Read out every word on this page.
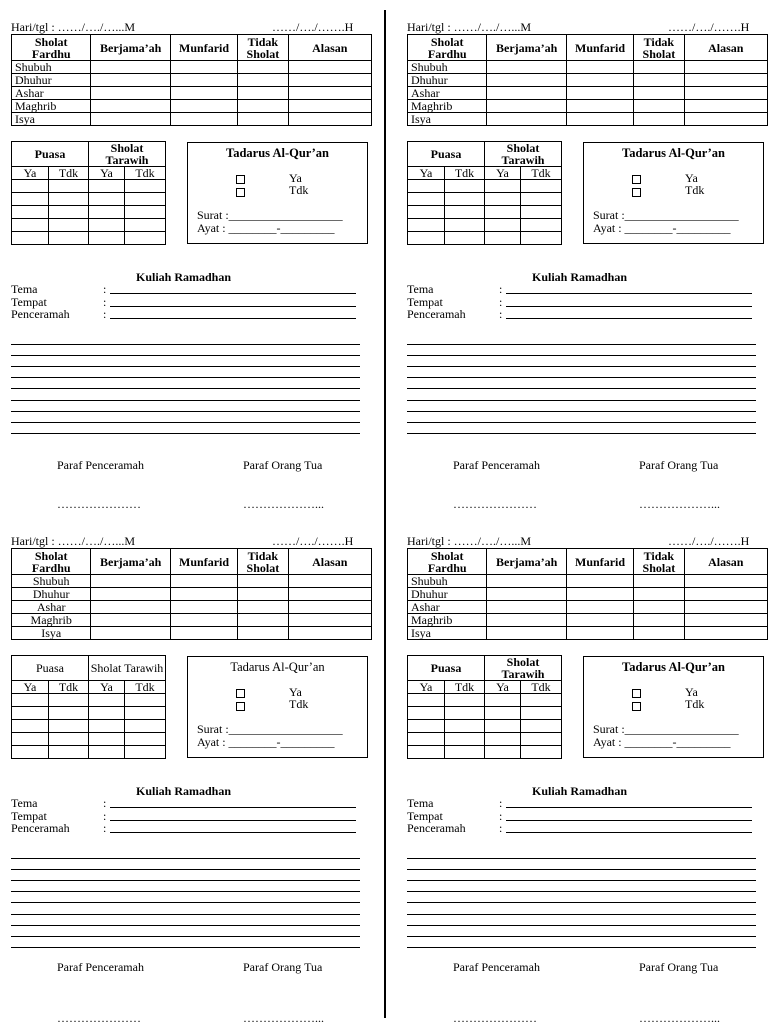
Hari/tgl : ……/…./…...M	……/…./…….H
Sholat Fardhu	Berjama’ah	Munfarid	Tidak Sholat	Alasan
Shubuh				
Dhuhur				
Ashar				
Maghrib				
Isya				
Puasa		Sholat Tarawih	
Ya	Tdk	Ya	Tdk

Tadarus Al-Qur’an
Ya
Tdk
Surat :___________________
Ayat : ________-_________
Kuliah Ramadhan
Tema	:
Tempat	:
Penceramah	:
Paraf Penceramah	Paraf Orang Tua
…………………	………………...
Hari/tgl : ……/…./…...M	……/…./…….H
Sholat Fardhu	Berjama’ah	Munfarid	Tidak Sholat	Alasan
Shubuh				
Dhuhur				
Ashar				
Maghrib				
Isya				
Puasa		Sholat Tarawih	
Ya	Tdk	Ya	Tdk

Tadarus Al-Qur’an
Ya
Tdk
Surat :___________________
Ayat : ________-_________
Kuliah Ramadhan
Tema	:
Tempat	:
Penceramah	:
Paraf Penceramah	Paraf Orang Tua
…………………	………………...
Hari/tgl : ……/…./…...M	……/…./…….H
Sholat Fardhu	Berjama’ah	Munfarid	Tidak Sholat	Alasan
Shubuh				
Dhuhur				
Ashar				
Maghrib				
Isya				
Puasa		Sholat Tarawih	
Ya	Tdk	Ya	Tdk

Tadarus Al-Qur’an
Ya
Tdk
Surat :___________________
Ayat : ________-_________
Kuliah Ramadhan
Tema	:
Tempat	:
Penceramah	:
Paraf Penceramah	Paraf Orang Tua
…………………	………………...
Hari/tgl : ……/…./…...M	……/…./…….H
Sholat Fardhu	Berjama’ah	Munfarid	Tidak Sholat	Alasan
Shubuh				
Dhuhur				
Ashar				
Maghrib				
Isya				
Puasa		Sholat Tarawih	
Ya	Tdk	Ya	Tdk

Tadarus Al-Qur’an
Ya
Tdk
Surat :___________________
Ayat : ________-_________
Kuliah Ramadhan
Tema	:
Tempat	:
Penceramah	:
Paraf Penceramah	Paraf Orang Tua
…………………	………………...
